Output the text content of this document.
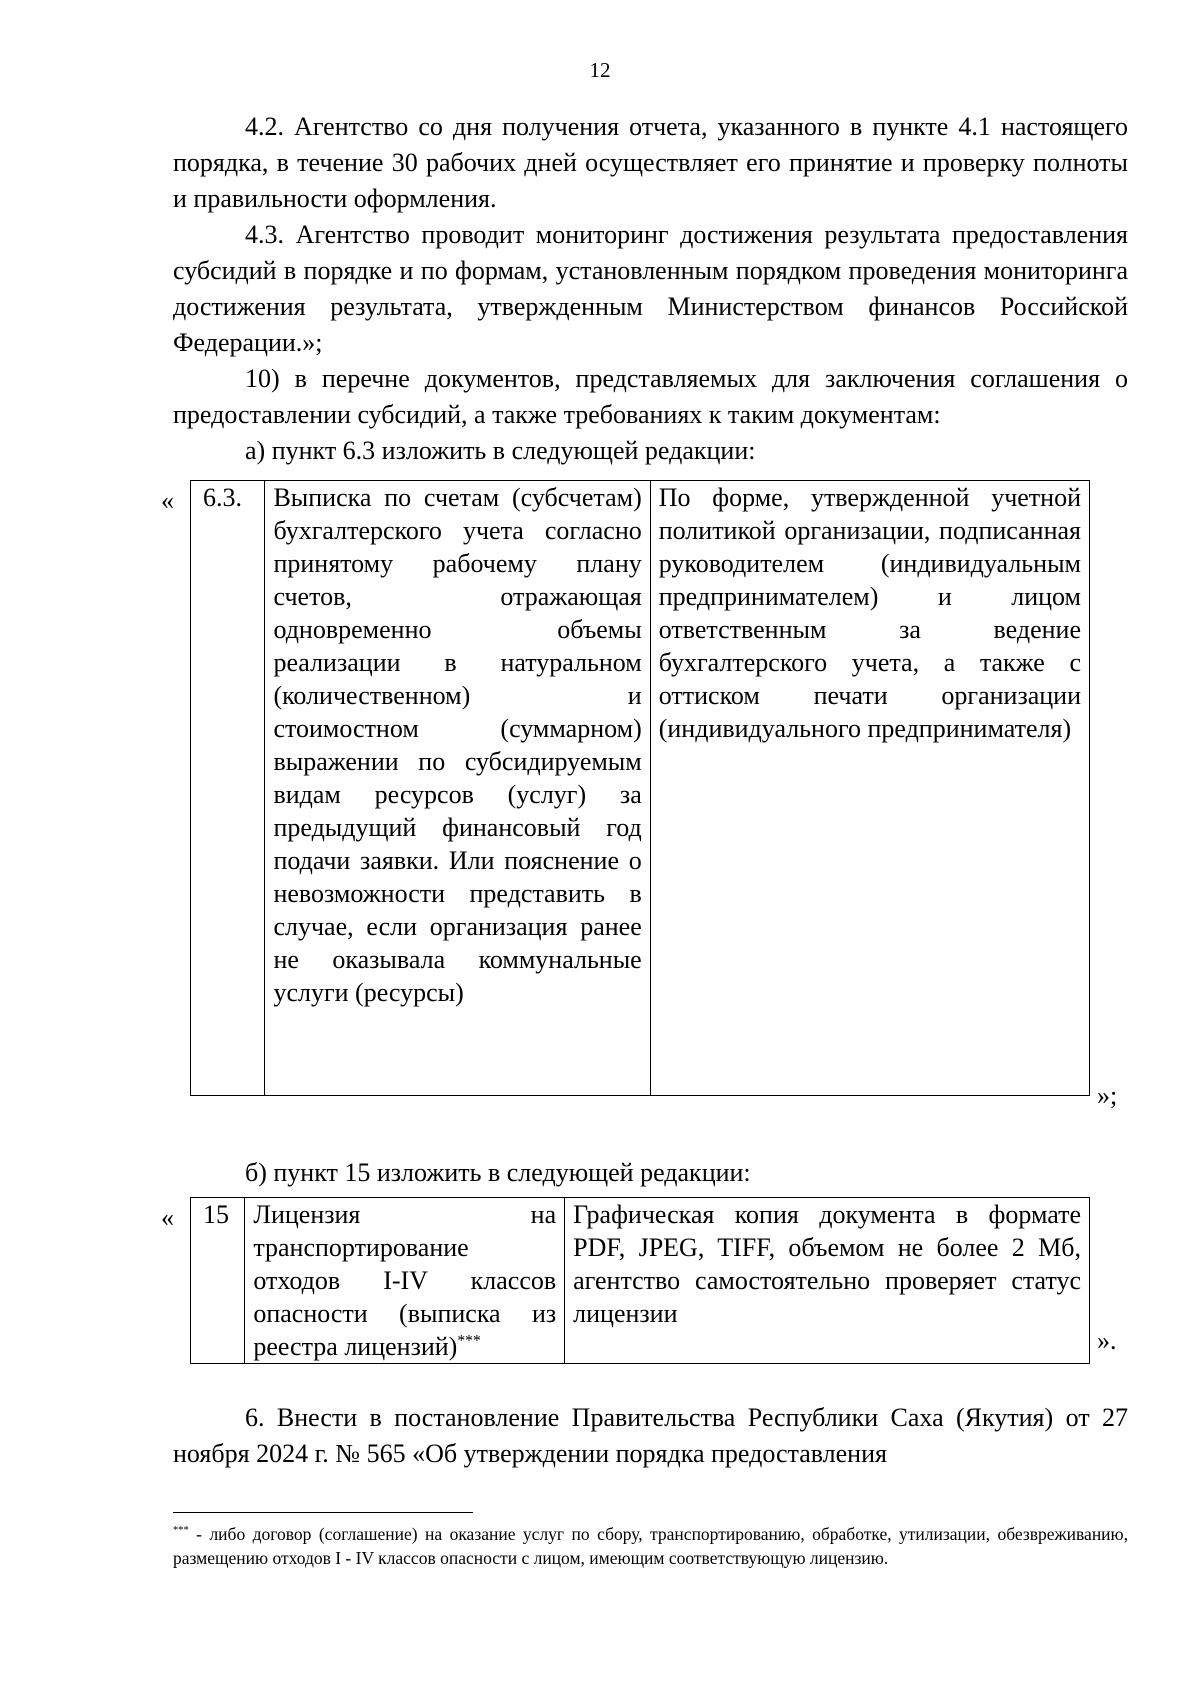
12

4.2. Агентство со дня получения отчета, указанного в пункте 4.1 настоящего порядка, в течение 30 рабочих дней осуществляет его принятие и проверку полноты и правильности оформления.

4.3. Агентство проводит мониторинг достижения результата предоставления субсидий в порядке и по формам, установленным порядком проведения мониторинга достижения результата, утвержденным Министерством финансов Российской Федерации.»;

10) в перечне документов, представляемых для заключения соглашения о предоставлении субсидий, а также требованиях к таким документам:

а) пункт 6.3 изложить в следующей редакции:

« 6.3.	Выписка по счетам (субсчетам) бухгалтерского учета согласно принятому рабочему плану счетов, отражающая одновременно объемы реализации в натуральном (количественном) и стоимостном (суммарном) выражении по субсидируемым видам ресурсов (услуг) за предыдущий финансовый год подачи заявки. Или пояснение о невозможности представить в случае, если организация ранее не оказывала коммунальные услуги (ресурсы)	По форме, утвержденной учетной политикой организации, подписанная руководителем (индивидуальным предпринимателем) и лицом ответственным за ведение бухгалтерского учета, а также с оттиском печати организации (индивидуального предпринимателя)
»;

б) пункт 15 изложить в следующей редакции:

« 15	Лицензия на транспортирование отходов I-IV классов опасности (выписка из реестра лицензий)***	Графическая копия документа в формате PDF, JPEG, TIFF, объемом не более 2 Мб, агентство самостоятельно проверяет статус лицензии
».

6. Внести в постановление Правительства Республики Саха (Якутия) от 27 ноября 2024 г. № 565 «Об утверждении порядка предоставления

*** - либо договор (соглашение) на оказание услуг по сбору, транспортированию, обработке, утилизации, обезвреживанию, размещению отходов I - IV классов опасности с лицом, имеющим соответствующую лицензию.
